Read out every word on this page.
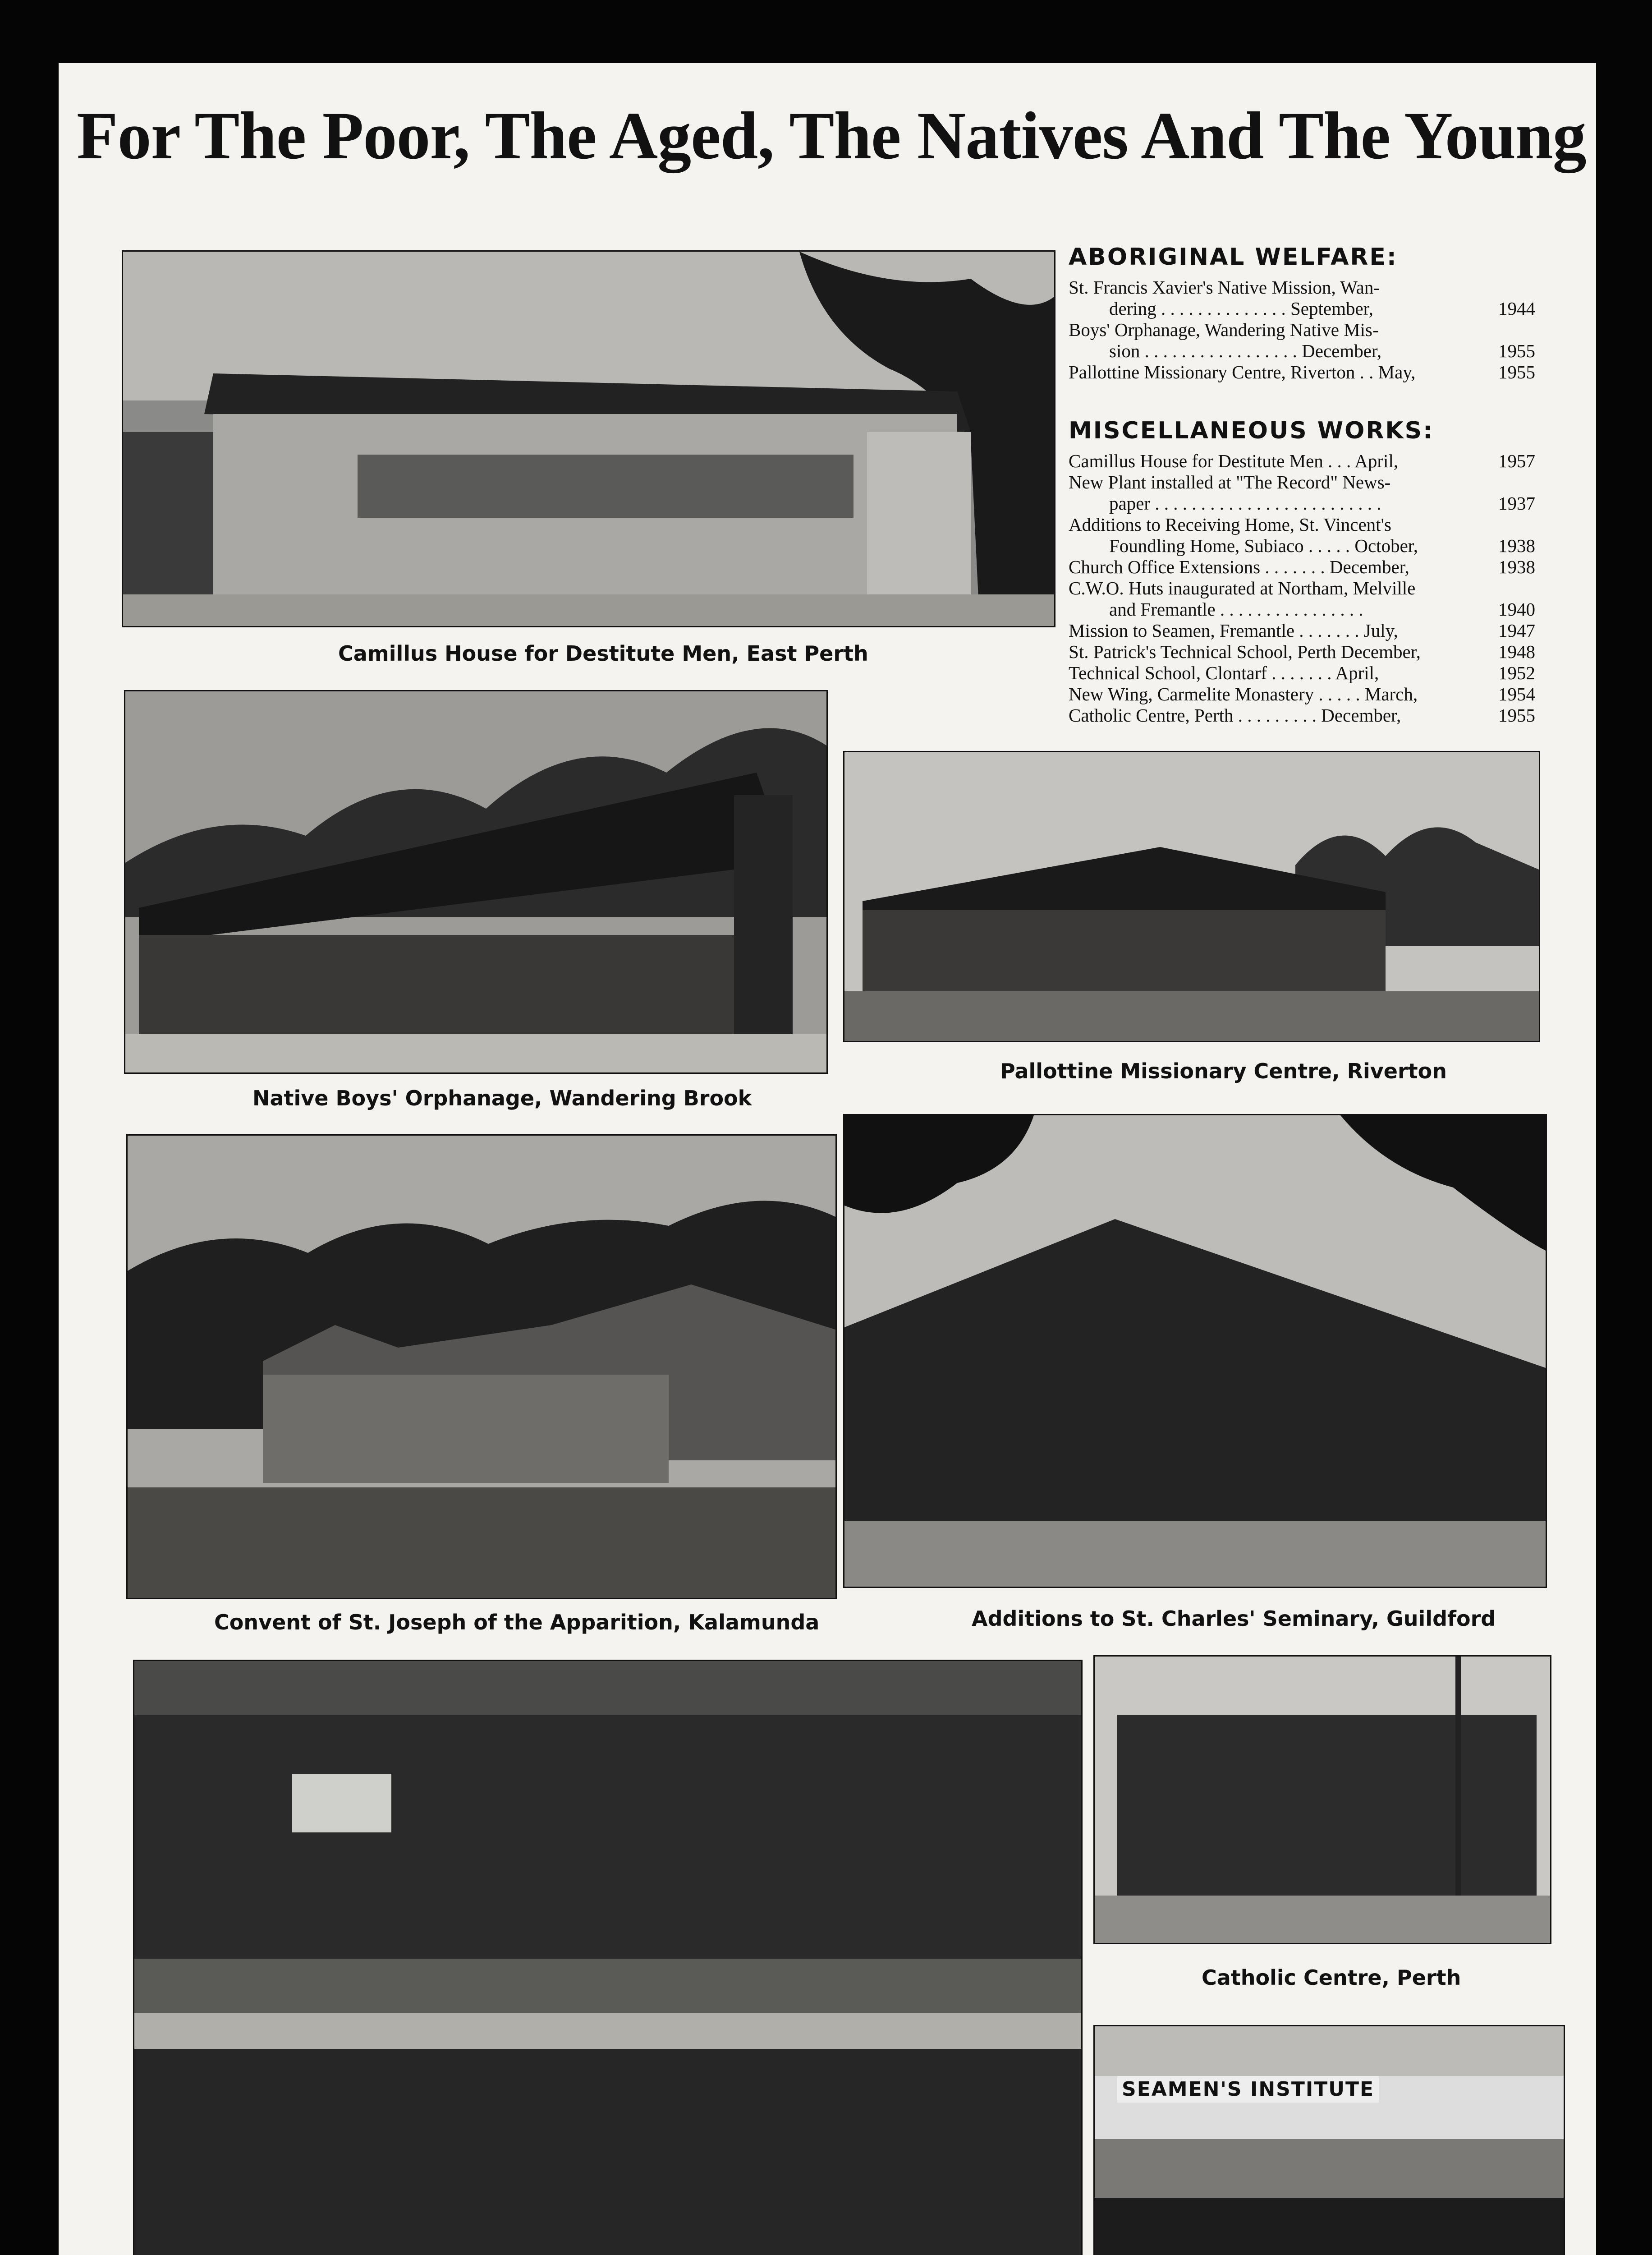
For The Poor, The Aged, The Natives And The Young
Camillus House for Destitute Men, East Perth
ABORIGINAL WELFARE:
St. Francis Xavier's Native Mission, Wan-
dering . . . . . . . . . . . . . . September,	1944
Boys' Orphanage, Wandering Native Mis-
sion . . . . . . . . . . . . . . . . . December,	1955
Pallottine Missionary Centre, Riverton . . May,	1955
MISCELLANEOUS WORKS:
Camillus House for Destitute Men . . . April,	1957
New Plant installed at "The Record" News-
paper . . . . . . . . . . . . . . . . . . . . . . . . .	1937
Additions to Receiving Home, St. Vincent's
Foundling Home, Subiaco . . . . . October,	1938
Church Office Extensions . . . . . . . December,	1938
C.W.O. Huts inaugurated at Northam, Melville
and Fremantle . . . . . . . . . . . . . . . .	1940
Mission to Seamen, Fremantle . . . . . . . July,	1947
St. Patrick's Technical School, Perth December,	1948
Technical School, Clontarf . . . . . . . April,	1952
New Wing, Carmelite Monastery . . . . . March,	1954
Catholic Centre, Perth . . . . . . . . . December,	1955
Native Boys' Orphanage, Wandering Brook
Pallottine Missionary Centre, Riverton
Convent of St. Joseph of the Apparition, Kalamunda	Additions to St. Charles' Seminary, Guildford
Catholic Centre, Perth
SEAMEN'S INSTITUTE
